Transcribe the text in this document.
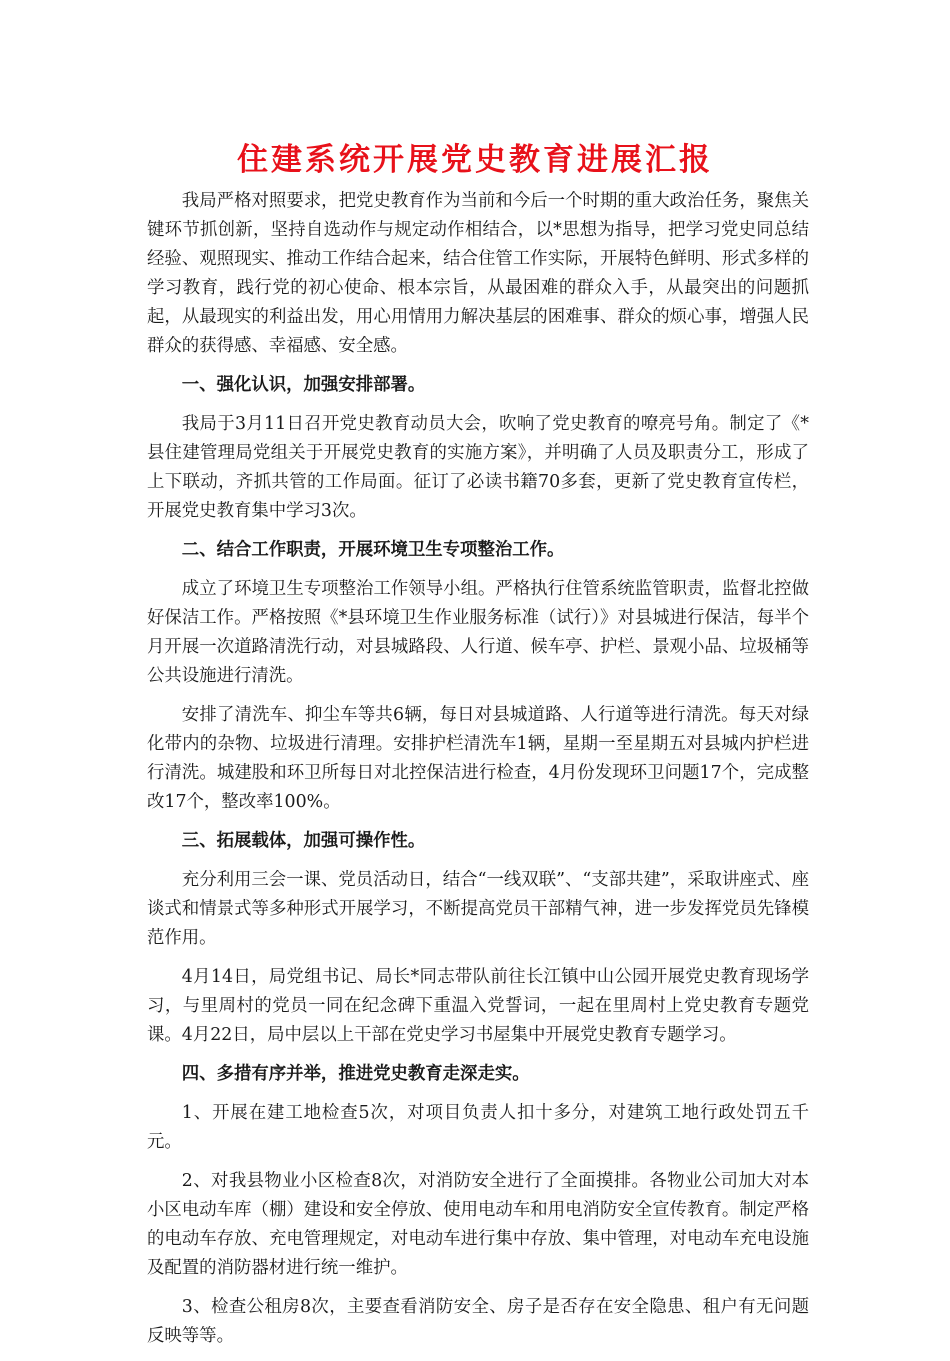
住建系统开展党史教育进展汇报

我局严格对照要求，把党史教育作为当前和今后一个时期的重大政治任务，聚焦关键环节抓创新，坚持自选动作与规定动作相结合，以*思想为指导，把学习党史同总结经验、观照现实、推动工作结合起来，结合住管工作实际，开展特色鲜明、形式多样的学习教育，践行党的初心使命、根本宗旨，从最困难的群众入手，从最突出的问题抓起，从最现实的利益出发，用心用情用力解决基层的困难事、群众的烦心事，增强人民群众的获得感、幸福感、安全感。

一、强化认识，加强安排部署。

我局于3月11日召开党史教育动员大会，吹响了党史教育的嘹亮号角。制定了《*县住建管理局党组关于开展党史教育的实施方案》，并明确了人员及职责分工，形成了上下联动，齐抓共管的工作局面。征订了必读书籍70多套，更新了党史教育宣传栏，开展党史教育集中学习3次。

二、结合工作职责，开展环境卫生专项整治工作。

成立了环境卫生专项整治工作领导小组。严格执行住管系统监管职责，监督北控做好保洁工作。严格按照《*县环境卫生作业服务标准（试行）》对县城进行保洁，每半个月开展一次道路清洗行动，对县城路段、人行道、候车亭、护栏、景观小品、垃圾桶等公共设施进行清洗。

安排了清洗车、抑尘车等共6辆，每日对县城道路、人行道等进行清洗。每天对绿化带内的杂物、垃圾进行清理。安排护栏清洗车1辆，星期一至星期五对县城内护栏进行清洗。城建股和环卫所每日对北控保洁进行检查，4月份发现环卫问题17个，完成整改17个，整改率100%。

三、拓展载体，加强可操作性。

充分利用三会一课、党员活动日，结合“一线双联”、“支部共建”，采取讲座式、座谈式和情景式等多种形式开展学习，不断提高党员干部精气神，进一步发挥党员先锋模范作用。

4月14日，局党组书记、局长*同志带队前往长江镇中山公园开展党史教育现场学习，与里周村的党员一同在纪念碑下重温入党誓词，一起在里周村上党史教育专题党课。4月22日，局中层以上干部在党史学习书屋集中开展党史教育专题学习。

四、多措有序并举，推进党史教育走深走实。

1、开展在建工地检查5次，对项目负责人扣十多分，对建筑工地行政处罚五千元。

2、对我县物业小区检查8次，对消防安全进行了全面摸排。各物业公司加大对本小区电动车库（棚）建设和安全停放、使用电动车和用电消防安全宣传教育。制定严格的电动车存放、充电管理规定，对电动车进行集中存放、集中管理，对电动车充电设施及配置的消防器材进行统一维护。

3、检查公租房8次，主要查看消防安全、房子是否存在安全隐患、租户有无问题反映等等。
